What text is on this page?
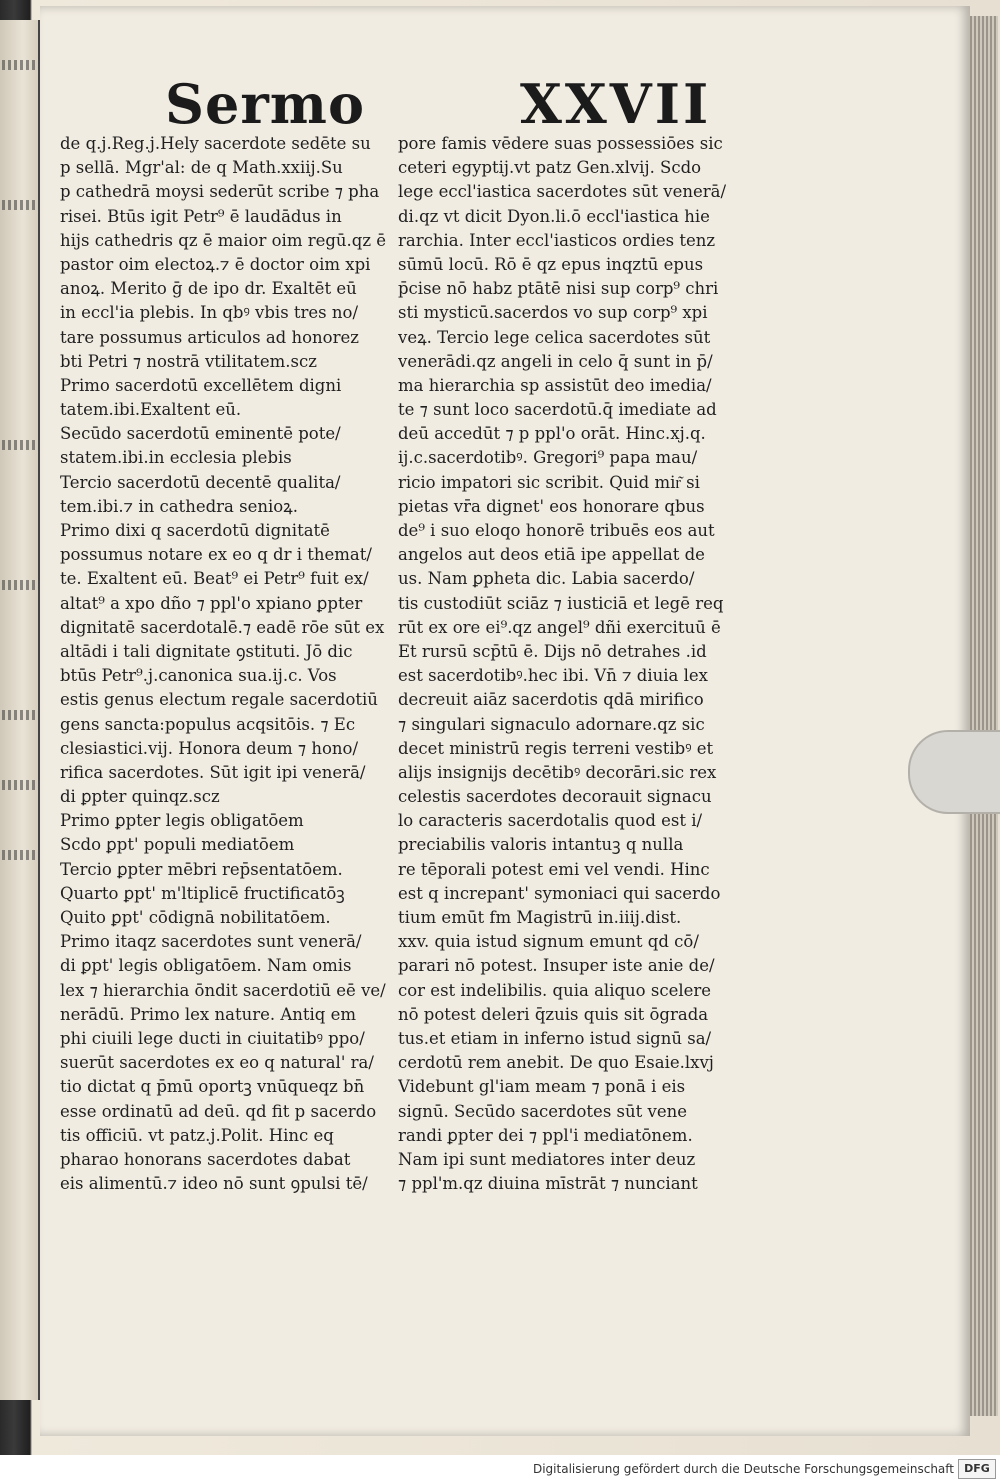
Sermo	XXVII
de q.j.Reg.j.Hely sacerdote sedēte su
p sellā. Mgr'al: de q Math.xxiij.Su
p cathedrā moysi sederūt scribe ⁊ pha
risei. Btūs igit Petr⁹ ē laudādus in
hijs cathedris qz ē maior oim regū.qz ē
pastor oim electoꝝ.⁊ ē doctor oim xpi
anoꝝ. Merito ḡ de ipo dr. Exaltēt eū
in eccl'ia plebis. In qbꝰ vbis tres no/
tare possumus articulos ad honorez
bti Petri ⁊ nostrā vtilitatem.scz
Primo sacerdotū excellētem digni
tatem.ibi.Exaltent eū.
Secūdo sacerdotū eminentē pote/
statem.ibi.in ecclesia plebis
Tercio sacerdotū decentē qualita/
tem.ibi.⁊ in cathedra senioꝝ.
Primo dixi q sacerdotū dignitatē
possumus notare ex eo q dr i themat/
te. Exaltent eū. Beat⁹ ei Petr⁹ fuit ex/
altat⁹ a xpo dño ⁊ ppl'o xpiano ꝑpter
dignitatē sacerdotalē.⁊ eadē rōe sūt ex
altādi i tali dignitate ꝯstituti. Jō dic
btūs Petr⁹.j.canonica sua.ij.c. Vos
estis genus electum regale sacerdotiū
gens sancta:populus acqsitōis. ⁊ Ec
clesiastici.vij. Honora deum ⁊ hono/
rifica sacerdotes. Sūt igit ipi venerā/
di ꝑpter quinqz.scz
Primo ꝑpter legis obligatōem
Scdo ꝑpt' populi mediatōem
Tercio ꝑpter mēbri rep̄sentatōem.
Quarto ꝑpt' m'ltiplicē fructificatōꝫ
Quito ꝑpt' cōdignā nobilitatōem.
Primo itaqz sacerdotes sunt venerā/
di ꝑpt' legis obligatōem. Nam omis
lex ⁊ hierarchia ōndit sacerdotiū eē ve/
nerādū. Primo lex nature. Antiq em
phi ciuili lege ducti in ciuitatibꝰ ppo/
suerūt sacerdotes ex eo q natural' ra/
tio dictat q p̄mū oportꝫ vnūqueqz bn̄
esse ordinatū ad deū. qd fit p sacerdo
tis officiū. vt patz.j.Polit. Hinc eq
pharao honorans sacerdotes dabat
eis alimentū.⁊ ideo nō sunt ꝯpulsi tē/
pore famis vēdere suas possessiōes sic
ceteri egyptij.vt patz Gen.xlvij. Scdo
lege eccl'iastica sacerdotes sūt venerā/
di.qz vt dicit Dyon.li.ō eccl'iastica hie
rarchia. Inter eccl'iasticos ordies tenz
sūmū locū. Rō ē qz epus inqztū epus
p̄cise nō habz ptātē nisi sup corp⁹ chri
sti mysticū.sacerdos vo sup corp⁹ xpi
veꝝ. Tercio lege celica sacerdotes sūt
venerādi.qz angeli in celo q̄ sunt in p̄/
ma hierarchia sp assistūt deo imedia/
te ⁊ sunt loco sacerdotū.q̄ imediate ad
deū accedūt ⁊ p ppl'o orāt. Hinc.xj.q.
ij.c.sacerdotibꝰ. Gregori⁹ papa mau/
ricio impatori sic scribit. Quid mir͂ si
pietas vr̄a dignet' eos honorare qbus
de⁹ i suo eloqo honorē tribuēs eos aut
angelos aut deos etiā ipe appellat de
us. Nam ꝑpheta dic. Labia sacerdo/
tis custodiūt sciāz ⁊ iusticiā et legē req
rūt ex ore ei⁹.qz angel⁹ dñi exercituū ē
Et rursū scp̄tū ē. Dijs nō detrahes .id
est sacerdotibꝰ.hec ibi. Vn̄ ⁊ diuia lex
decreuit aiāz sacerdotis qdā mirifico
⁊ singulari signaculo adornare.qz sic
decet ministrū regis terreni vestibꝰ et
alijs insignijs decētibꝰ decorāri.sic rex
celestis sacerdotes decorauit signacu
lo caracteris sacerdotalis quod est i/
preciabilis valoris intantuꝫ q nulla
re tēporali potest emi vel vendi. Hinc
est q increpant' symoniaci qui sacerdo
tium emūt fm Magistrū in.iiij.dist.
xxv. quia istud signum emunt qd cō/
parari nō potest. Insuper iste anie de/
cor est indelibilis. quia aliquo scelere
nō potest deleri q̄zuis quis sit ōgrada
tus.et etiam in inferno istud signū sa/
cerdotū rem anebit. De quo Esaie.lxvj
Videbunt gl'iam meam ⁊ ponā i eis
signū. Secūdo sacerdotes sūt vene
randi ꝑpter dei ⁊ ppl'i mediatōnem.
Nam ipi sunt mediatores inter deuz
⁊ ppl'm.qz diuina mīstrāt ⁊ nunciant
Digitalisierung gefördert durch die Deutsche Forschungsgemeinschaft DFG
